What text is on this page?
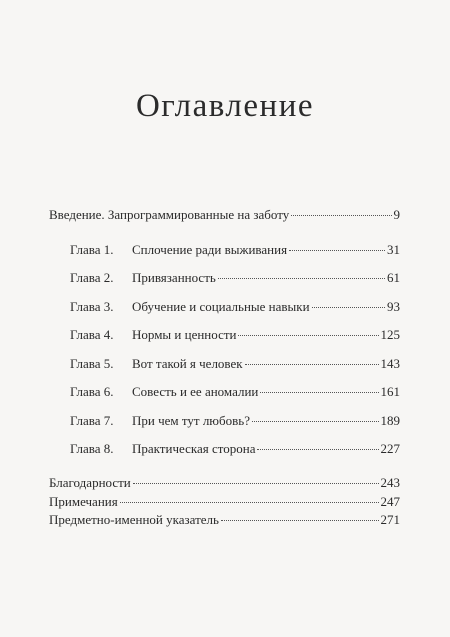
Оглавление
Введение. Запрограммированные на заботу	9
Глава 1.	Сплочение ради выживания	31
Глава 2.	Привязанность	61
Глава 3.	Обучение и социальные навыки	93
Глава 4.	Нормы и ценности	125
Глава 5.	Вот такой я человек	143
Глава 6.	Совесть и ее аномалии	161
Глава 7.	При чем тут любовь?	189
Глава 8.	Практическая сторона	227
Благодарности	243
Примечания	247
Предметно-именной указатель	271
